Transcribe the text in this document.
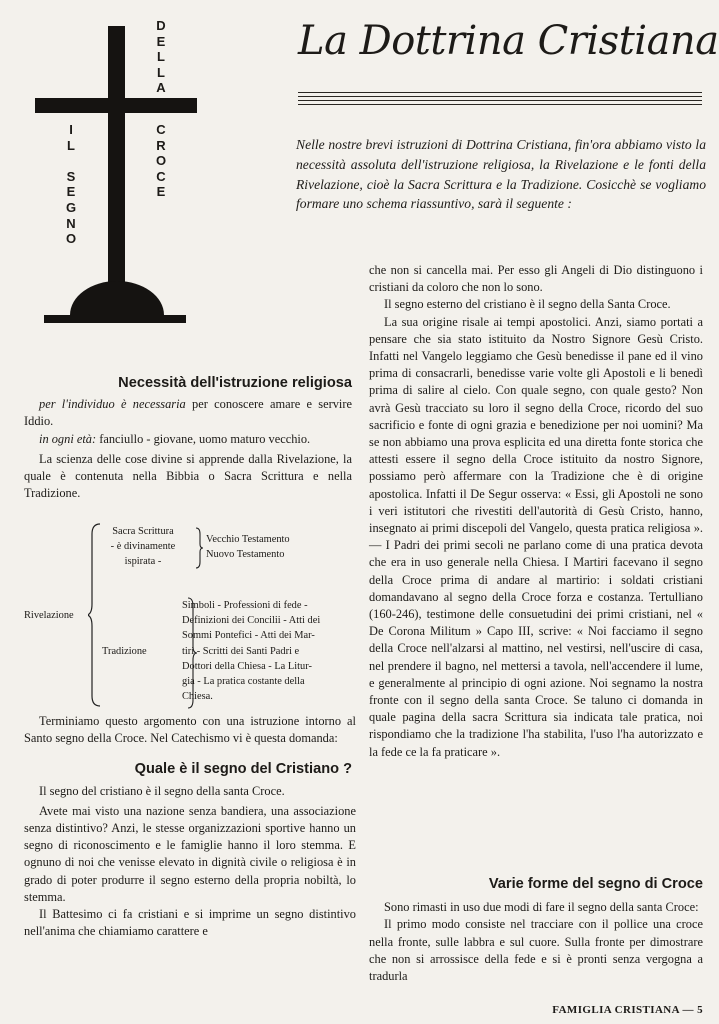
I
L
S
E
G
N
O
D
E
L
L
A
C
R
O
C
E
La Dottrina Cristiana

Nelle nostre brevi istruzioni di Dottrina Cristiana, fin'ora abbiamo visto la necessità assoluta dell'istruzione religiosa, la Rivelazione e le fonti della Rivelazione, cioè la Sacra Scrittura e la Tradizione. Cosicchè se vogliamo formare uno schema riassuntivo, sarà il seguente :

Necessità dell'istruzione religiosa

per l'individuo è necessaria per conoscere amare e servire Iddio.

in ogni età: fanciullo - giovane, uomo maturo vecchio.

La scienza delle cose divine si apprende dalla Rivelazione, la quale è contenuta nella Bibbia o Sacra Scrittura e nella Tradizione.

Rivelazione
Sacra Scrittura
- è divinamente
ispirata -
Vecchio Testamento
Nuovo Testamento
Tradizione
Simboli - Professioni di fede -
Definizioni dei Concilii - Atti dei
Sommi Pontefici - Atti dei Mar-
tiri - Scritti dei Santi Padri e
Dottori della Chiesa - La Litur-
gia - La pratica costante della
Chiesa.

Terminiamo questo argomento con una istruzione intorno al Santo segno della Croce. Nel Catechismo vi è questa domanda:

Quale è il segno del Cristiano ?

Il segno del cristiano è il segno della santa Croce.

Avete mai visto una nazione senza bandiera, una associazione senza distintivo? Anzi, le stesse organizzazioni sportive hanno un segno di riconoscimento e le famiglie hanno il loro stemma. E ognuno di noi che venisse elevato in dignità civile o religiosa è in grado di poter produrre il segno esterno della propria nobiltà, lo stemma.

Il Battesimo ci fa cristiani e si imprime un segno distintivo nell'anima che chiamiamo carattere e

che non si cancella mai. Per esso gli Angeli di Dio distinguono i cristiani da coloro che non lo sono.

Il segno esterno del cristiano è il segno della Santa Croce.

La sua origine risale ai tempi apostolici. Anzi, siamo portati a pensare che sia stato istituito da Nostro Signore Gesù Cristo. Infatti nel Vangelo leggiamo che Gesù benedisse il pane ed il vino prima di consacrarli, benedisse varie volte gli Apostoli e li benedì prima di salire al cielo. Con quale segno, con quale gesto? Non avrà Gesù tracciato su loro il segno della Croce, ricordo del suo sacrificio e fonte di ogni grazia e benedizione per noi uomini? Ma se non abbiamo una prova esplicita ed una diretta fonte storica che attesti essere il segno della Croce istituito da nostro Signore, possiamo però affermare con la Tradizione che è di origine apostolica. Infatti il De Segur osserva: « Essi, gli Apostoli ne sono i veri istitutori che rivestiti dell'autorità di Gesù Cristo, hanno, insegnato ai primi discepoli del Vangelo, questa pratica religiosa ». — I Padri dei primi secoli ne parlano come di una pratica devota che era in uso generale nella Chiesa. I Martiri facevano il segno della Croce prima di andare al martirio: i soldati cristiani domandavano al segno della Croce forza e costanza. Tertulliano (160-246), testimone delle consuetudini dei primi cristiani, nel « De Corona Militum » Capo III, scrive: « Noi facciamo il segno della Croce nell'alzarsi al mattino, nel vestirsi, nell'uscire di casa, nel prendere il bagno, nel mettersi a tavola, nell'accendere il lume, e generalmente al principio di ogni azione. Noi segnamo la nostra fronte con il segno della santa Croce. Se taluno ci domanda in quale pagina della sacra Scrittura sia indicata tale pratica, noi rispondiamo che la tradizione l'ha stabilita, l'uso l'ha autorizzato e la fede ce la fa praticare ».

Varie forme del segno di Croce

Sono rimasti in uso due modi di fare il segno della santa Croce:

Il primo modo consiste nel tracciare con il pollice una croce nella fronte, sulle labbra e sul cuore. Sulla fronte per dimostrare che non si arrossisce della fede e si è pronti senza vergogna a tradurla

FAMIGLIA CRISTIANA — 5
